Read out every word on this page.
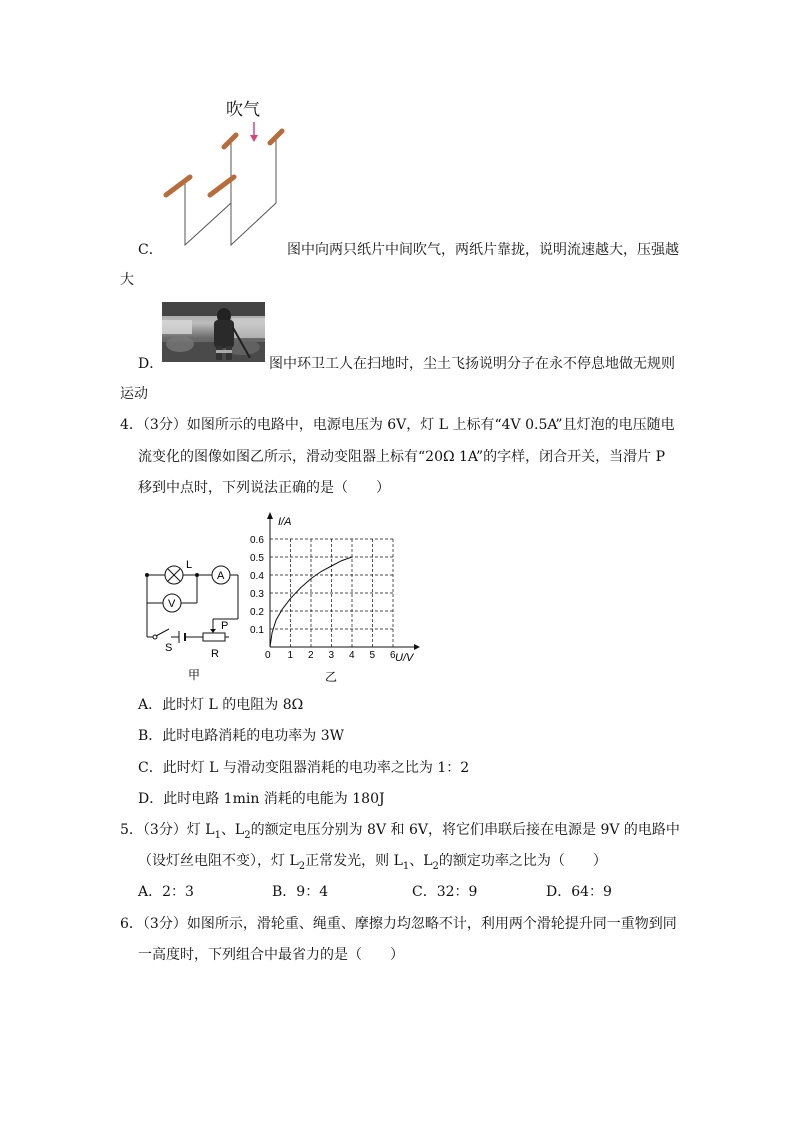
吹气
C．	图中向两只纸片中间吹气，两纸片靠拢，说明流速越大，压强越
大
D．	图中环卫工人在扫地时，尘土飞扬说明分子在永不停息地做无规则
运动
4．（3分）如图所示的电路中，电源电压为 6V，灯 L 上标有“4V 0.5A”且灯泡的电压随电
流变化的图像如图乙所示，滑动变阻器上标有“20Ω 1A”的字样，闭合开关，当滑片 P
移到中点时，下列说法正确的是（　　）
L
A
V
S
P
R
甲
1 2 3 4 5 6
0.1
0.2
0.3
0.4
0.5
0.6
I/A
U/V
0
乙
A．此时灯 L 的电阻为 8Ω
B．此时电路消耗的电功率为 3W
C．此时灯 L 与滑动变阻器消耗的电功率之比为 1：2
D．此时电路 1min 消耗的电能为 180J
5．（3分）灯 $L_1$、$L_2$的额定电压分别为 8V 和 6V，将它们串联后接在电源是 9V 的电路中
（设灯丝电阻不变），灯 $L_2$正常发光，则 $L_1$、$L_2$的额定功率之比为（　　）
A．2：3	B．9：4	C．32：9	D．64：9
6．（3分）如图所示，滑轮重、绳重、摩擦力均忽略不计，利用两个滑轮提升同一重物到同
一高度时，下列组合中最省力的是（　　）
